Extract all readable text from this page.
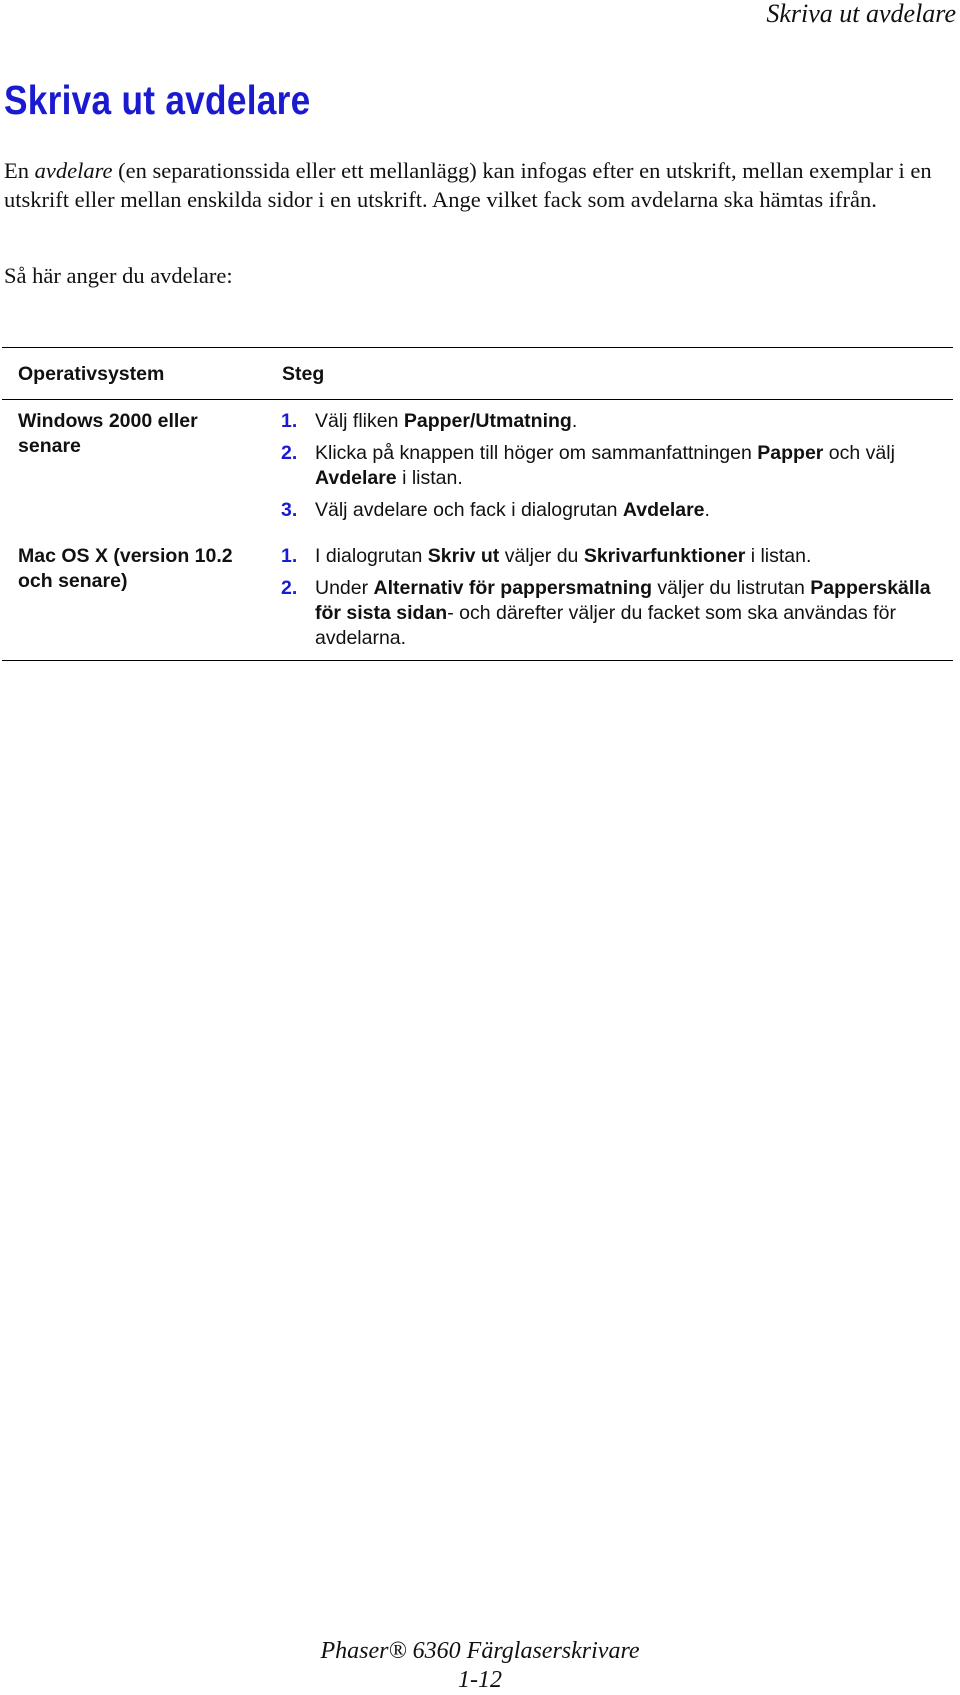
Skriva ut avdelare
Skriva ut avdelare

En avdelare (en separationssida eller ett mellanlägg) kan infogas efter en utskrift, mellan exemplar i en utskrift eller mellan enskilda sidor i en utskrift. Ange vilket fack som avdelarna ska hämtas ifrån.

Så här anger du avdelare:

Operativsystem	Steg
Windows 2000 eller senare
1. Välj fliken Papper/Utmatning.
2. Klicka på knappen till höger om sammanfattningen Papper och välj Avdelare i listan.
3. Välj avdelare och fack i dialogrutan Avdelare.
Mac OS X (version 10.2 och senare)
1. I dialogrutan Skriv ut väljer du Skrivarfunktioner i listan.
2. Under Alternativ för pappersmatning väljer du listrutan Papperskälla för sista sidan- och därefter väljer du facket som ska användas för avdelarna.
Phaser® 6360 Färglaserskrivare
1-12
